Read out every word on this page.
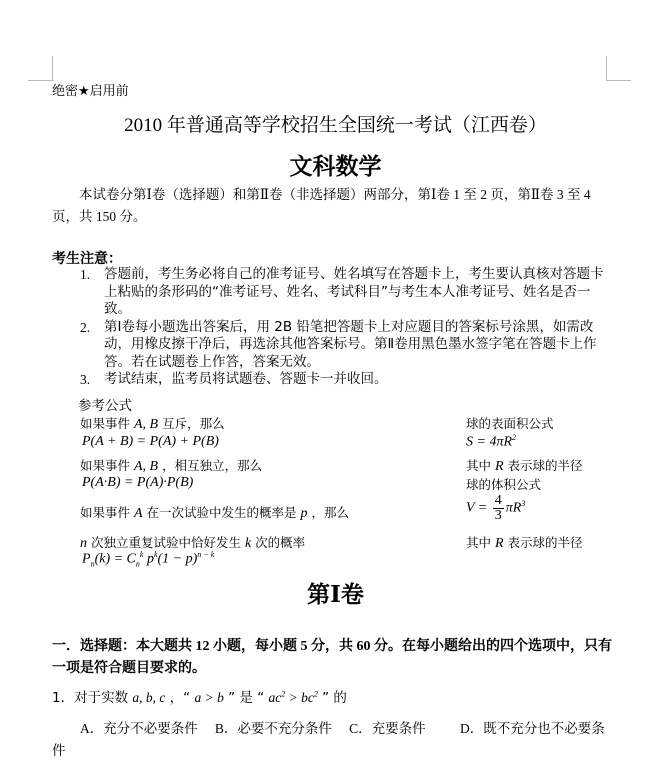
绝密★启用前
2010 年普通高等学校招生全国统一考试（江西卷）
文科数学
本试卷分第Ⅰ卷（选择题）和第Ⅱ卷（非选择题）两部分，第Ⅰ卷 1 至 2 页，第Ⅱ卷 3 至 4 页，共 150 分。
考生注意：
1. 答题前，考生务必将自己的准考证号、姓名填写在答题卡上，考生要认真核对答题卡上粘贴的条形码的“准考证号、姓名、考试科目”与考生本人准考证号、姓名是否一致。
2. 第Ⅰ卷每小题选出答案后，用 2B 铅笔把答题卡上对应题目的答案标号涂黑，如需改动，用橡皮擦干净后，再选涂其他答案标号。第Ⅱ卷用黑色墨水签字笔在答题卡上作答。若在试题卷上作答，答案无效。
3. 考试结束，监考员将试题卷、答题卡一并收回。
参考公式
如果事件 A, B 互斥，那么
P(A + B) = P(A) + P(B)
如果事件 A, B ，相互独立，那么
P(A·B) = P(A)·P(B)
如果事件 A 在一次试验中发生的概率是 p ，那么
n 次独立重复试验中恰好发生 k 次的概率
$P_n(k) = C_n^k$ $p^k(1 - p)^{n - k}$
球的表面积公式
$S = 4\pi R^2$
其中 R 表示球的半径
球的体积公式
$V = \frac{4}{3} \pi R^3$
其中 R 表示球的半径
第Ⅰ卷
一．选择题：本大题共 12 小题，每小题 5 分，共 60 分。在每小题给出的四个选项中，只有一项是符合题目要求的。
1．对于实数 a, b, c ，“ a > b ” 是 “ $ac^2 > bc^2$ ” 的
A．充分不必要条件 B．必要不充分条件 C．充要条件	D．既不充分也不必要条件
